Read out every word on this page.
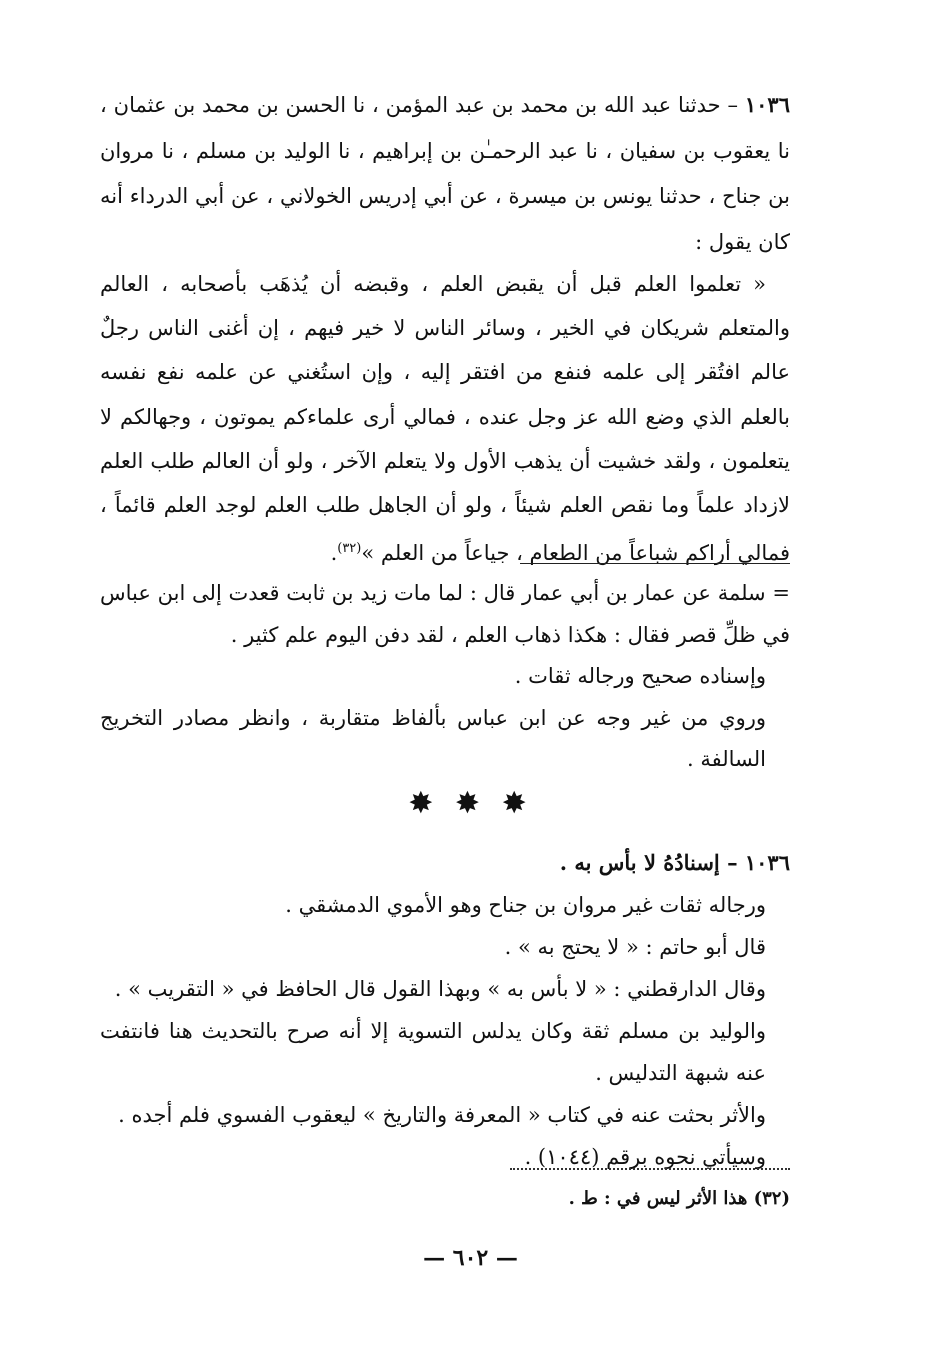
١٠٣٦ – حدثنا عبد الله بن محمد بن عبد المؤمن ، نا الحسن بن محمد بن عثمان ، نا يعقوب بن سفيان ، نا عبد الرحمـٰن بن إبراهيم ، نا الوليد بن مسلم ، نا مروان بن جناح ، حدثنا يونس بن ميسرة ، عن أبي إدريس الخولاني ، عن أبي الدرداء أنه كان يقول :
« تعلموا العلم قبل أن يقبض العلم ، وقبضه أن يُذهَب بأصحابه ، العالم والمتعلم شريكان في الخير ، وسائر الناس لا خير فيهم ، إن أغنى الناس رجلٌ عالم افتُقر إلى علمه فنفع من افتقر إليه ، وإن استُغني عن علمه نفع نفسه بالعلم الذي وضع الله عز وجل عنده ، فمالي أرى علماءكم يموتون ، وجهالكم لا يتعلمون ، ولقد خشيت أن يذهب الأول ولا يتعلم الآخر ، ولو أن العالم طلب العلم لازداد علماً وما نقص العلم شيئاً ، ولو أن الجاهل طلب العلم لوجد العلم قائماً ، فمالي أراكم شباعاً من الطعام ، جياعاً من العلم »$^{(٣٢)}$.

= سلمة عن عمار بن أبي عمار قال : لما مات زيد بن ثابت قعدت إلى ابن عباس في ظلِّ قصر فقال : هكذا ذهاب العلم ، لقد دفن اليوم علم كثير .

وإسناده صحيح ورجاله ثقات .

وروي من غير وجه عن ابن عباس بألفاظ متقاربة ، وانظر مصادر التخريج السالفة .

✸ ✸ ✸

١٠٣٦ – إسنادُهُ لا بأس به .

ورجاله ثقات غير مروان بن جناح وهو الأموي الدمشقي .

قال أبو حاتم : « لا يحتج به » .

وقال الدارقطني : « لا بأس به » وبهذا القول قال الحافظ في « التقريب » .

والوليد بن مسلم ثقة وكان يدلس التسوية إلا أنه صرح بالتحديث هنا فانتفت عنه شبهة التدليس .

والأثر بحثت عنه في كتاب « المعرفة والتاريخ » ليعقوب الفسوي فلم أجده .

وسيأتي نحوه برقم (١٠٤٤) .

(٣٢) هذا الأثر ليس في : ط .
— ٦٠٢ —
